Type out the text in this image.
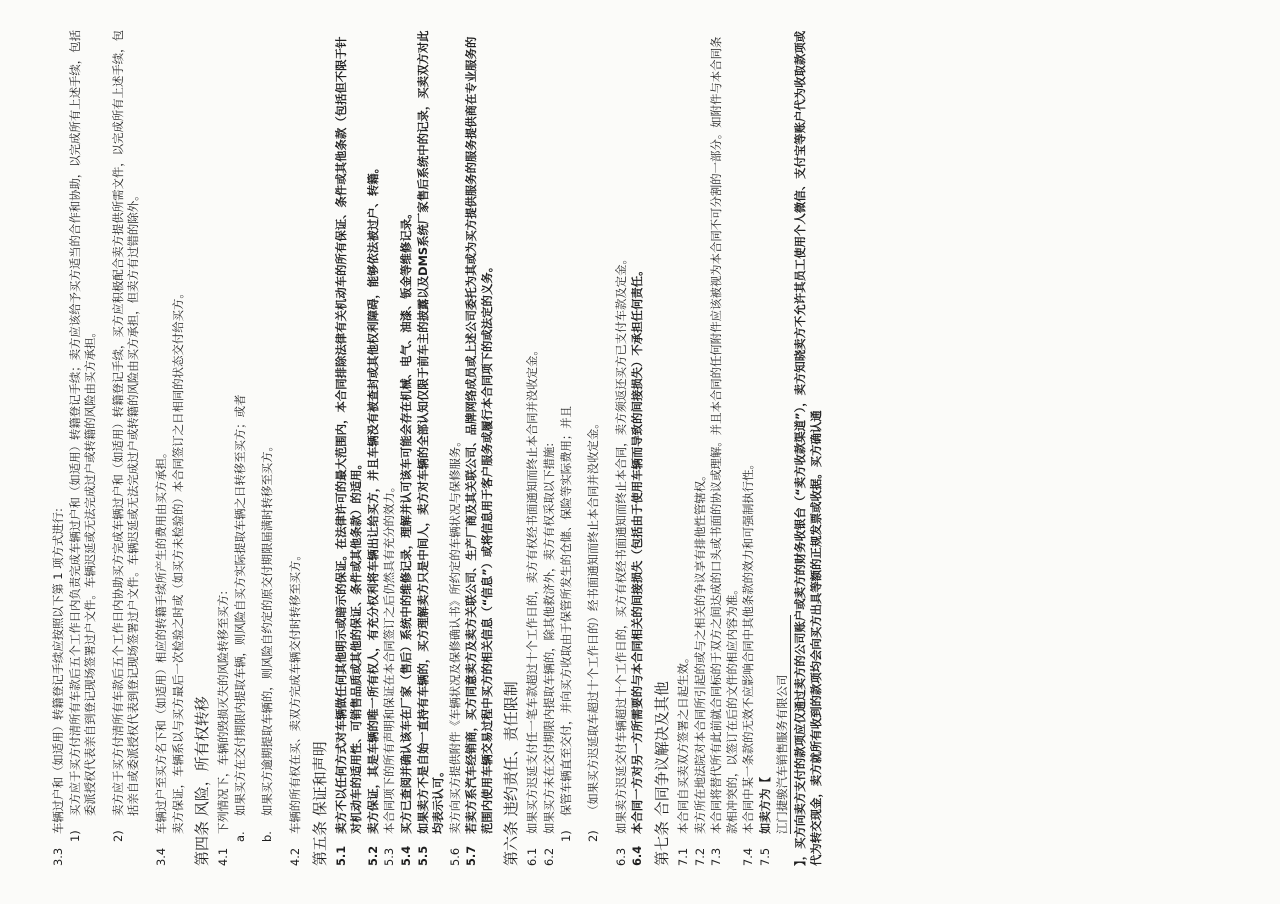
3.3
车辆过户和（如适用）转籍登记手续应按照以下第 1 项方式进行:
1)
买方应于买方付清所有车款后五个工作日内负责完成车辆过户和（如适用）转籍登记手续；卖方应该给予买方适当的合作和协助，以完成所有上述手续，包括委派授权代表亲自到登记现场签署过户文件。车辆迟延或无法完成过户或转籍的风险由买方承担。
2)
卖方应于买方付清所有车款后五个工作日内协助买方完成车辆过户和（如适用）转籍登记手续，买方应积极配合卖方提供所需文件，以完成所有上述手续，包括亲自或委派授权代表到登记现场签署过户文件。车辆迟延或无法完成过户或转籍的风险由买方承担，但卖方有过错的除外。
3.4
车辆过户至买方名下和（如适用）相应的转籍手续所产生的费用由买方承担。 卖方保证，车辆系以与买方最后一次检验之时或（如买方未检验的）本合同签订之日相同的状态交付给买方。 第四条 风险，所有权转移 4.1
下列情况下，车辆的毁损灭失的风险转移至买方:
a.
如果买方在交付期限内提取车辆，则风险自买方实际提取车辆之日转移至买方；或者
b.
如果买方逾期提取车辆的，则风险自约定的原交付期限届满时转移至买方。
4.2
车辆的所有权在买、卖双方完成车辆交付时转移至买方。 第五条 保证和声明 5.1
卖方不以任何方式对车辆做任何其他明示或暗示的保证。在法律许可的最大范围内，本合同排除法律有关机动车的所有保证、条件或其他条款（包括但不限于针对机动车的适用性、可销售品质或其他的保证、条件或其他条款）的适用。
5.2
卖方保证，其是车辆的唯一所有权人，有充分权利将车辆出让给买方，并且车辆没有被查封或其他权利障碍，能够依法被过户、转籍。
5.3
本合同项下的所有声明和保证在本合同签订之后仍然具有充分的效力。
5.4
买方已查阅并确认该车在厂家（售后）系统中的维修记录，理解并认可该车可能会存在机械、电气、油漆、钣金等维修记录。
5.5
如果卖方不是自始一直持有车辆的，买方理解卖方只是中间人，卖方对车辆的全部认知仅限于前车主的披露以及DMS系统厂家售后系统中的记录，买卖双方对此均表示认可。
5.6
卖方向买方提供附件《车辆状况及保修确认书》所约定的车辆状况与保修服务。
5.7
若卖方系汽车经销商，买方同意卖方及卖方关联公司、生产厂商及其关联公司、品牌网络成员或上述公司委托为其或为买方提供服务的服务提供商在专业服务的范围内使用车辆交易过程中买方的相关信息（“信息”）或将信息用于客户服务或履行本合同项下的或法定的义务。 第六条 违约责任、责任限制 6.1
如果买方迟延支付任一笔车款超过十个工作日的，卖方有权经书面通知而终止本合同并没收定金。
6.2
如果买方未在交付期限内提取车辆的，除其他救济外，卖方有权采取以下措施:
1)
保管车辆直至交付，并向买方收取由于保管所发生的仓储、保险等实际费用；并且
2)
（如果买方迟延取车超过十个工作日的）经书面通知而终止本合同并没收定金。
6.3
如果卖方迟延交付车辆超过十个工作日的，买方有权经书面通知而终止本合同，卖方须返还买方已支付车款及定金。
6.4
本合同一方对另一方所需要的与本合同相关的间接损失（包括由于使用车辆而导致的间接损失）不承担任何责任。 第七条 合同争议解决及其他 7.1
本合同自买卖双方签署之日起生效。
7.2
卖方所在地法院对本合同所引起的或与之相关的争议享有排他性管辖权。
7.3
本合同将替代所有此前就合同标的于双方之间达成的口头或书面的协议或理解。并且本合同的任何附件应该被视为本合同不可分割的一部分。如附件与本合同条款相冲突的，以签订在后的文件的相应内容为准。
7.4
本合同中某一条款的无效不应影响合同中其他条款的效力和可强制执行性。
7.5
如卖方为【 江门捷骏汽车销售服务有限公司 】，买方向卖方支付的款项应仅通过卖方的公司账户或卖方的财务收银台（“卖方收款渠道”），卖方知晓卖方不允许其员工使用个人微信、支付宝等账户代为收取款项或代为转交现金，卖方就所有收到的款项均会向买方出具等额的正规发票或收据。买方确认通
